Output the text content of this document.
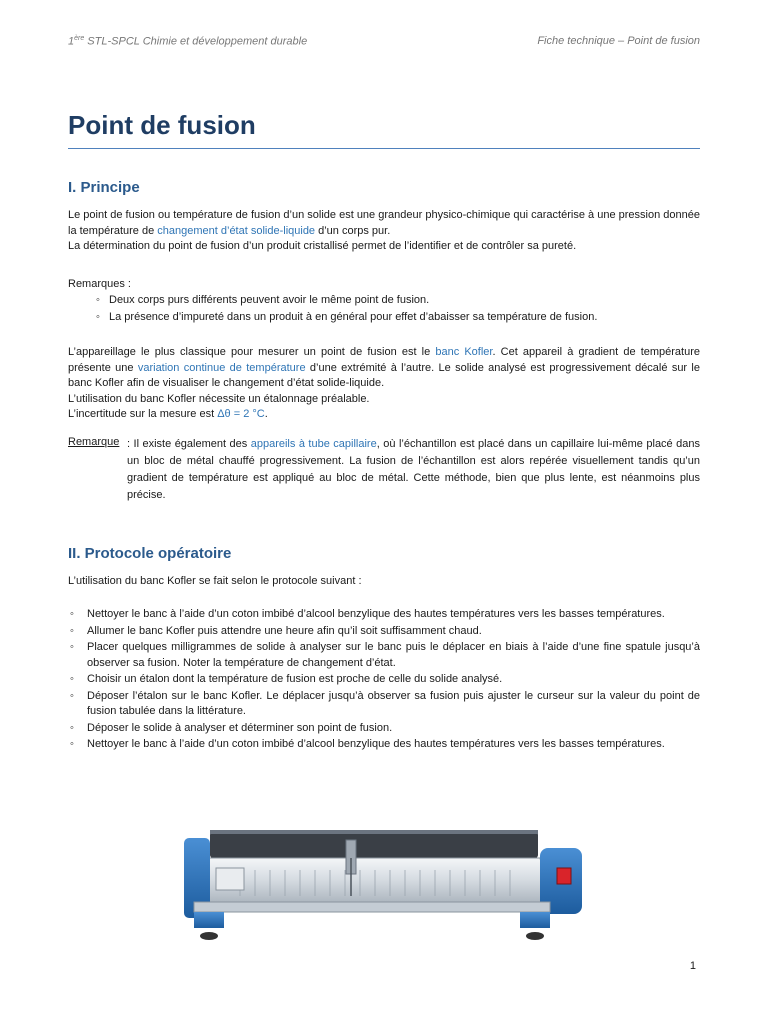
1ère STL-SPCL Chimie et développement durable	Fiche technique – Point de fusion
Point de fusion
I. Principe

Le point de fusion ou température de fusion d’un solide est une grandeur physico-chimique qui caractérise à une pression donnée la température de changement d’état solide-liquide d’un corps pur.
La détermination du point de fusion d’un produit cristallisé permet de l’identifier et de contrôler sa pureté.

Remarques :

◦ Deux corps purs différents peuvent avoir le même point de fusion.
◦ La présence d’impureté dans un produit à en général pour effet d’abaisser sa température de fusion.

L’appareillage le plus classique pour mesurer un point de fusion est le banc Kofler. Cet appareil à gradient de température présente une variation continue de température d’une extrémité à l’autre. Le solide analysé est progressivement décalé sur le banc Kofler afin de visualiser le changement d’état solide-liquide.
L’utilisation du banc Kofler nécessite un étalonnage préalable.
L’incertitude sur la mesure est Δθ = 2 °C.

Remarque : Il existe également des appareils à tube capillaire, où l’échantillon est placé dans un capillaire lui-même placé dans un bloc de métal chauffé progressivement. La fusion de l’échantillon est alors repérée visuellement tandis qu’un gradient de température est appliqué au bloc de métal. Cette méthode, bien que plus lente, est néanmoins plus précise.

II. Protocole opératoire

L’utilisation du banc Kofler se fait selon le protocole suivant :

◦ Nettoyer le banc à l’aide d’un coton imbibé d’alcool benzylique des hautes températures vers les basses températures.
◦ Allumer le banc Kofler puis attendre une heure afin qu’il soit suffisamment chaud.
◦ Placer quelques milligrammes de solide à analyser sur le banc puis le déplacer en biais à l’aide d’une fine spatule jusqu’à observer sa fusion. Noter la température de changement d’état.
◦ Choisir un étalon dont la température de fusion est proche de celle du solide analysé.
◦ Déposer l’étalon sur le banc Kofler. Le déplacer jusqu’à observer sa fusion puis ajuster le curseur sur la valeur du point de fusion tabulée dans la littérature.
◦ Déposer le solide à analyser et déterminer son point de fusion.
◦ Nettoyer le banc à l’aide d’un coton imbibé d’alcool benzylique des hautes températures vers les basses températures.
1
